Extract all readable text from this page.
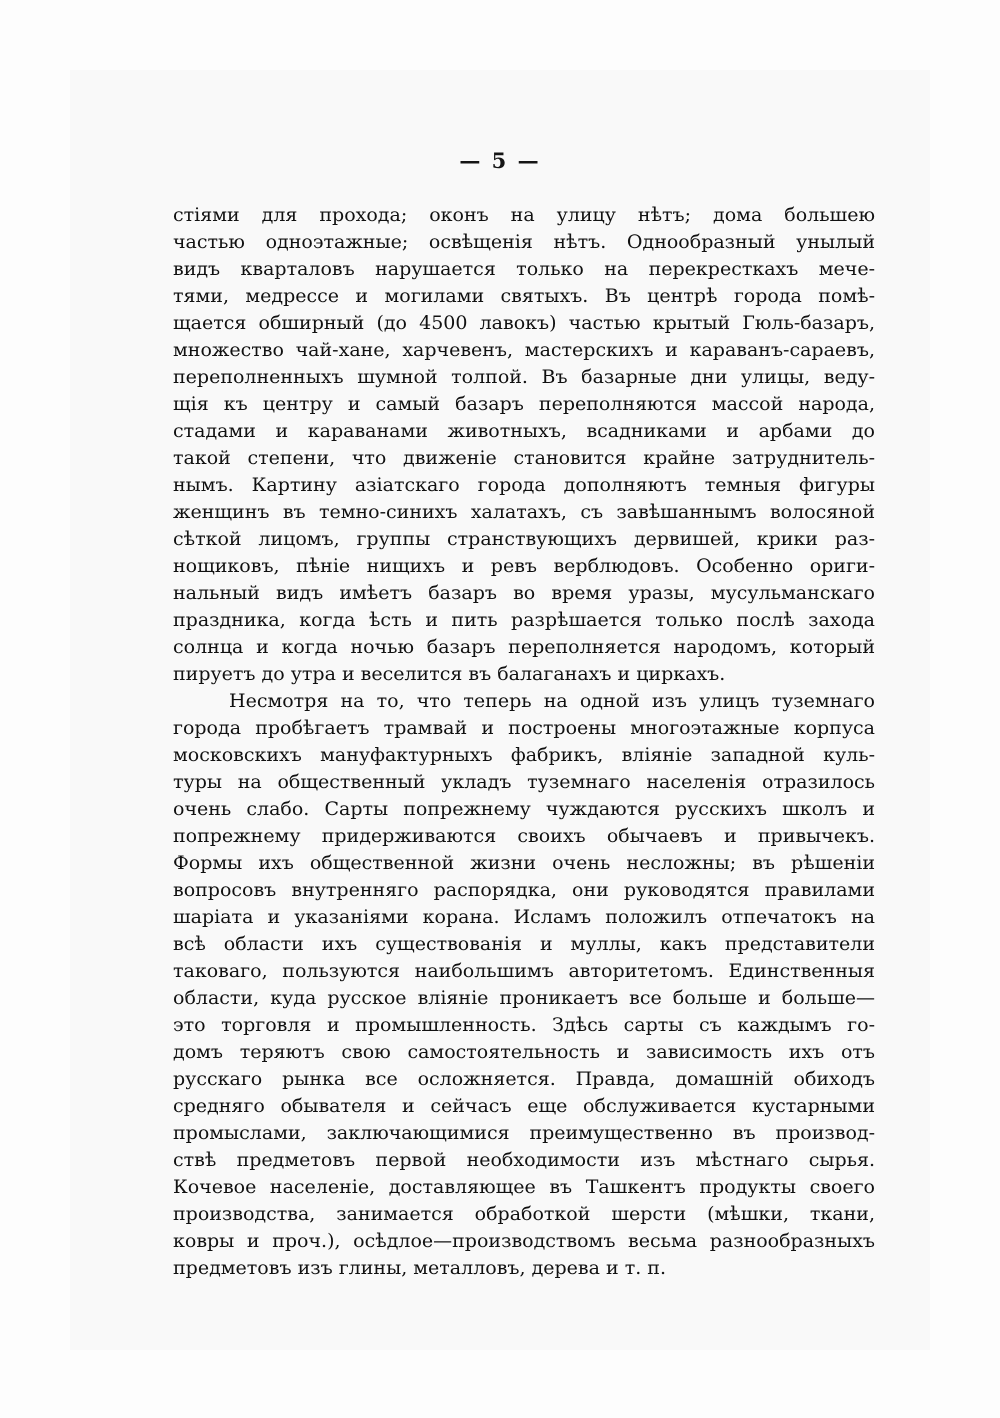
— 5 —
стіями для прохода; оконъ на улицу нѣтъ; дома большею
частью одноэтажные; освѣщенія нѣтъ. Однообразный унылый
видъ кварталовъ нарушается только на перекресткахъ мече-
тями, медрессе и могилами святыхъ. Въ центрѣ города помѣ-
щается обширный (до 4500 лавокъ) частью крытый Гюль-базаръ,
множество чай-хане, харчевенъ, мастерскихъ и караванъ-сараевъ,
переполненныхъ шумной толпой. Въ базарные дни улицы, веду-
щія къ центру и самый базаръ переполняются массой народа,
стадами и караванами животныхъ, всадниками и арбами до
такой степени, что движеніе становится крайне затруднитель-
нымъ. Картину азіатскаго города дополняютъ темныя фигуры
женщинъ въ темно-синихъ халатахъ, съ завѣшаннымъ волосяной
сѣткой лицомъ, группы странствующихъ дервишей, крики раз-
нощиковъ, пѣніе нищихъ и ревъ верблюдовъ. Особенно ориги-
нальный видъ имѣетъ базаръ во время уразы, мусульманскаго
праздника, когда ѣсть и пить разрѣшается только послѣ захода
солнца и когда ночью базаръ переполняется народомъ, который
пируетъ до утра и веселится въ балаганахъ и циркахъ.
Несмотря на то, что теперь на одной изъ улицъ туземнаго
города пробѣгаетъ трамвай и построены многоэтажные корпуса
московскихъ мануфактурныхъ фабрикъ, вліяніе западной куль-
туры на общественный укладъ туземнаго населенія отразилось
очень слабо. Сарты попрежнему чуждаются русскихъ школъ и
попрежнему придерживаются своихъ обычаевъ и привычекъ.
Формы ихъ общественной жизни очень несложны; въ рѣшеніи
вопросовъ внутренняго распорядка, они руководятся правилами
шаріата и указаніями корана. Исламъ положилъ отпечатокъ на
всѣ области ихъ существованія и муллы, какъ представители
таковаго, пользуются наибольшимъ авторитетомъ. Единственныя
области, куда русское вліяніе проникаетъ все больше и больше—
это торговля и промышленность. Здѣсь сарты съ каждымъ го-
домъ теряютъ свою самостоятельность и зависимость ихъ отъ
русскаго рынка все осложняется. Правда, домашній обиходъ
средняго обывателя и сейчасъ еще обслуживается кустарными
промыслами, заключающимися преимущественно въ производ-
ствѣ предметовъ первой необходимости изъ мѣстнаго сырья.
Кочевое населеніе, доставляющее въ Ташкентъ продукты своего
производства, занимается обработкой шерсти (мѣшки, ткани,
ковры и проч.), осѣдлое—производствомъ весьма разнообразныхъ
предметовъ изъ глины, металловъ, дерева и т. п.
